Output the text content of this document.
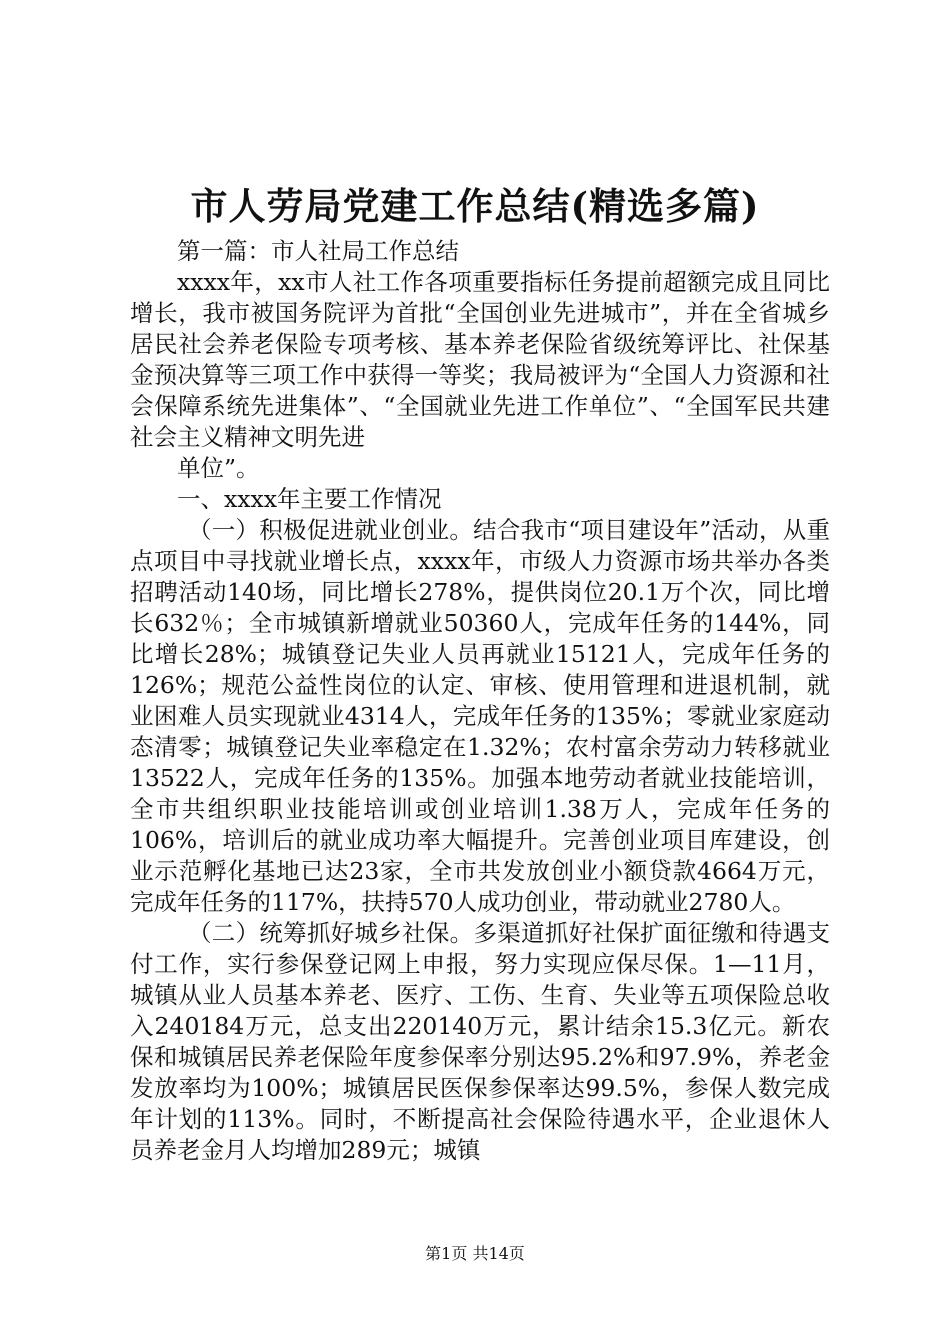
市人劳局党建工作总结(精选多篇)

第一篇：市人社局工作总结

xxxx年，xx市人社工作各项重要指标任务提前超额完成且同比增长，我市被国务院评为首批“全国创业先进城市”，并在全省城乡居民社会养老保险专项考核、基本养老保险省级统筹评比、社保基金预决算等三项工作中获得一等奖；我局被评为“全国人力资源和社会保障系统先进集体”、“全国就业先进工作单位”、“全国军民共建社会主义精神文明先进

单位”。

一、xxxx年主要工作情况

（一）积极促进就业创业。结合我市“项目建设年”活动，从重点项目中寻找就业增长点，xxxx年，市级人力资源市场共举办各类招聘活动140场，同比增长278%，提供岗位20.1万个次，同比增长632％；全市城镇新增就业50360人，完成年任务的144%，同比增长28%；城镇登记失业人员再就业15121人，完成年任务的126%；规范公益性岗位的认定、审核、使用管理和进退机制，就业困难人员实现就业4314人，完成年任务的135%；零就业家庭动态清零；城镇登记失业率稳定在1.32%；农村富余劳动力转移就业13522人，完成年任务的135%。加强本地劳动者就业技能培训，全市共组织职业技能培训或创业培训1.38万人，完成年任务的106%，培训后的就业成功率大幅提升。完善创业项目库建设，创业示范孵化基地已达23家，全市共发放创业小额贷款4664万元，完成年任务的117%，扶持570人成功创业，带动就业2780人。

（二）统筹抓好城乡社保。多渠道抓好社保扩面征缴和待遇支付工作，实行参保登记网上申报，努力实现应保尽保。1—11月，城镇从业人员基本养老、医疗、工伤、生育、失业等五项保险总收入240184万元，总支出220140万元，累计结余15.3亿元。新农保和城镇居民养老保险年度参保率分别达95.2%和97.9%，养老金发放率均为100%；城镇居民医保参保率达99.5%，参保人数完成年计划的113%。同时，不断提高社会保险待遇水平，企业退休人员养老金月人均增加289元；城镇

第1页 共14页
